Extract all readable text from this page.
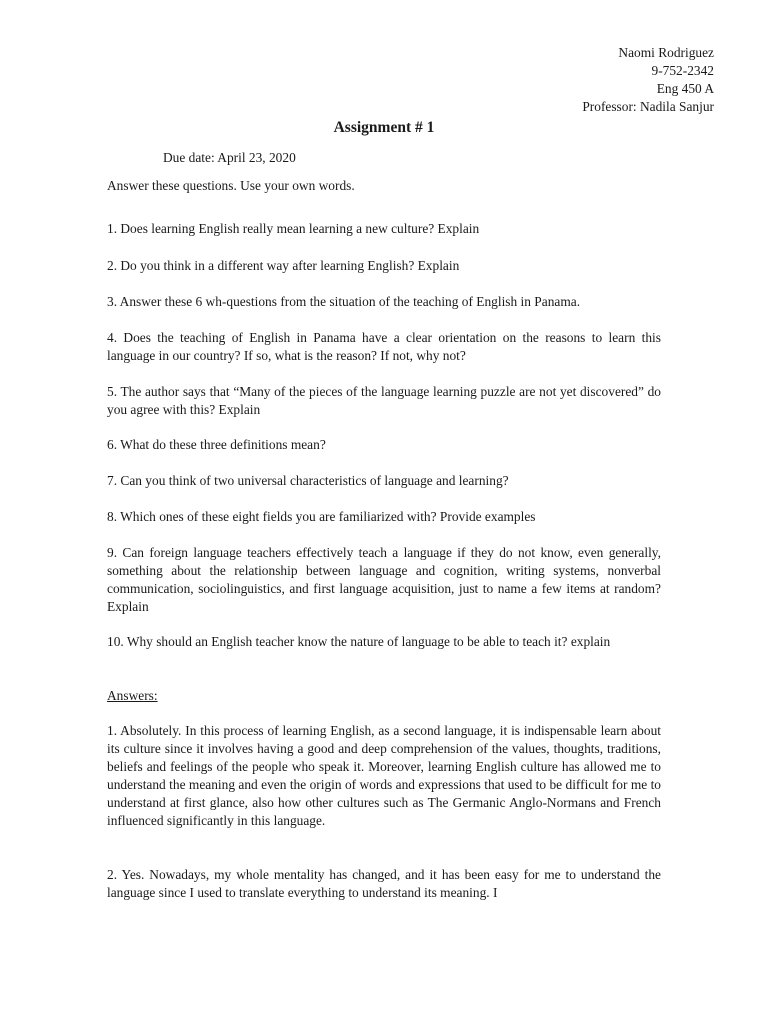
Naomi Rodriguez
9-752-2342
Eng 450 A
Professor: Nadila Sanjur
Assignment # 1
Due date: April 23, 2020

Answer these questions. Use your own words.

1. Does learning English really mean learning a new culture? Explain

2. Do you think in a different way after learning English? Explain

3. Answer these 6 wh-questions from the situation of the teaching of English in Panama.

4. Does the teaching of English in Panama have a clear orientation on the reasons to learn this language in our country? If so, what is the reason? If not, why not?

5. The author says that “Many of the pieces of the language learning puzzle are not yet discovered” do you agree with this? Explain

6. What do these three definitions mean?

7. Can you think of two universal characteristics of language and learning?

8. Which ones of these eight fields you are familiarized with? Provide examples

9. Can foreign language teachers effectively teach a language if they do not know, even generally, something about the relationship between language and cognition, writing systems, nonverbal communication, sociolinguistics, and first language acquisition, just to name a few items at random? Explain

10. Why should an English teacher know the nature of language to be able to teach it? explain

Answers:

1. Absolutely. In this process of learning English, as a second language, it is indispensable learn about its culture since it involves having a good and deep comprehension of the values, thoughts, traditions, beliefs and feelings of the people who speak it. Moreover, learning English culture has allowed me to understand the meaning and even the origin of words and expressions that used to be difficult for me to understand at first glance, also how other cultures such as The Germanic Anglo-Normans and French influenced significantly in this language.

2. Yes. Nowadays, my whole mentality has changed, and it has been easy for me to understand the language since I used to translate everything to understand its meaning. I
